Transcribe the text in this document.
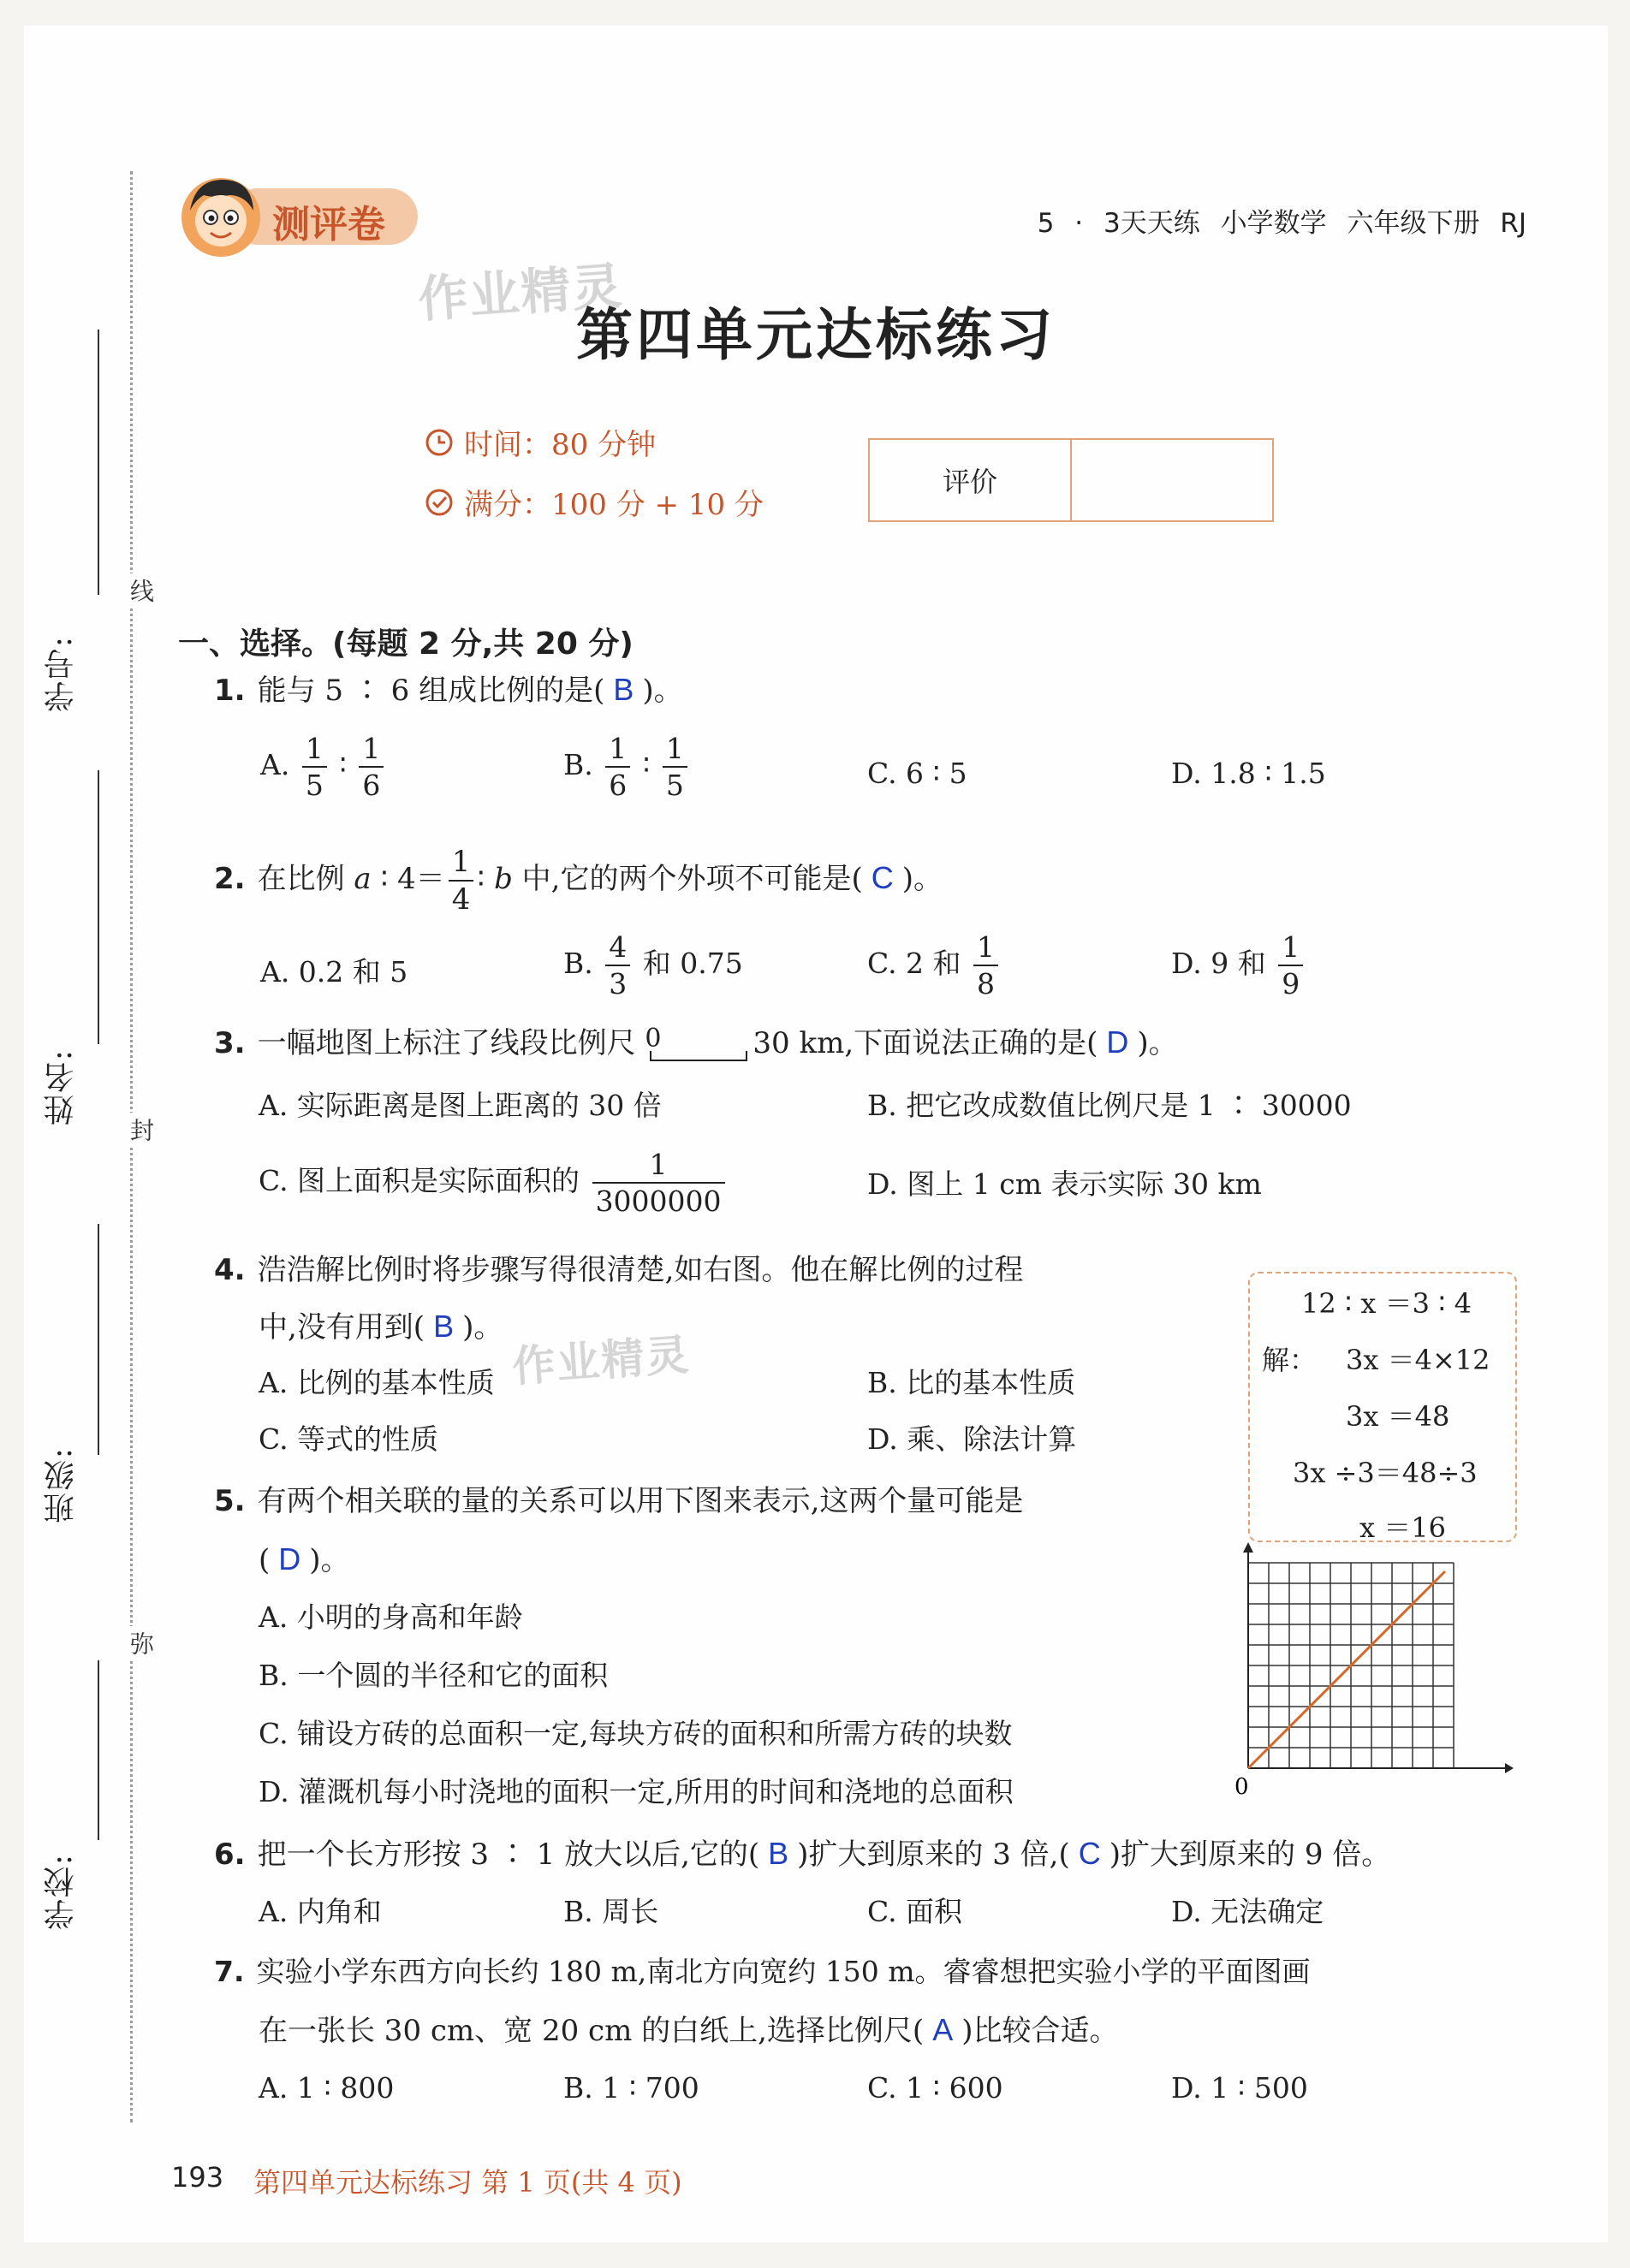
学号:
姓名:
班级:
学校:
线
封
弥
测评卷	5 · 3天天练 小学数学 六年级下册 RJ
作业精灵
第四单元达标练习
时间：80 分钟
满分：100 分 + 10 分
评价
一、选择。(每题 2 分,共 20 分)
1. 能与 5 ∶ 6 组成比例的是( B )。
A. $\frac{1}{5}$ ∶ $\frac{1}{6}$	B. $\frac{1}{6}$ ∶ $\frac{1}{5}$	C. 6 ∶ 5	D. 1.8 ∶ 1.5
2. 在比例 a ∶ $4= \frac{1}{4}$ ∶ b 中,它的两个外项不可能是( C )。
A. 0.2 和 5	B. $\frac{4}{3}$ 和 0.75	C. 2 和 $\frac{1}{8}$	D. 9 和 $\frac{1}{9}$
3. 一幅地图上标注了线段比例尺 0	30 km,下面说法正确的是( D )。
A. 实际距离是图上距离的 30 倍	B. 把它改成数值比例尺是 1 ∶ 30000
C. 图上面积是实际面积的 $\frac{1}{3000000}$	D. 图上 1 cm 表示实际 30 km
4. 浩浩解比例时将步骤写得很清楚,如右图。他在解比例的过程
中,没有用到( B )。
作业精灵
A. 比例的基本性质	B. 比的基本性质
C. 等式的性质	D. 乘、除法计算
12 ∶ x ＝3 ∶ 4
解： 3x ＝4×12
3x ＝48
3x ÷3＝48÷3
x ＝16
5. 有两个相关联的量的关系可以用下图来表示,这两个量可能是
( D )。
A. 小明的身高和年龄
B. 一个圆的半径和它的面积
C. 铺设方砖的总面积一定,每块方砖的面积和所需方砖的块数
D. 灌溉机每小时浇地的面积一定,所用的时间和浇地的总面积	0
6. 把一个长方形按 3 ∶ 1 放大以后,它的( B )扩大到原来的 3 倍,( C )扩大到原来的 9 倍。
A. 内角和	B. 周长	C. 面积	D. 无法确定
7. 实验小学东西方向长约 180 m,南北方向宽约 150 m。睿睿想把实验小学的平面图画
在一张长 30 cm、宽 20 cm 的白纸上,选择比例尺( A )比较合适。
A. 1 ∶ 800	B. 1 ∶ 700	C. 1 ∶ 600	D. 1 ∶ 500
193 第四单元达标练习 第 1 页(共 4 页)
